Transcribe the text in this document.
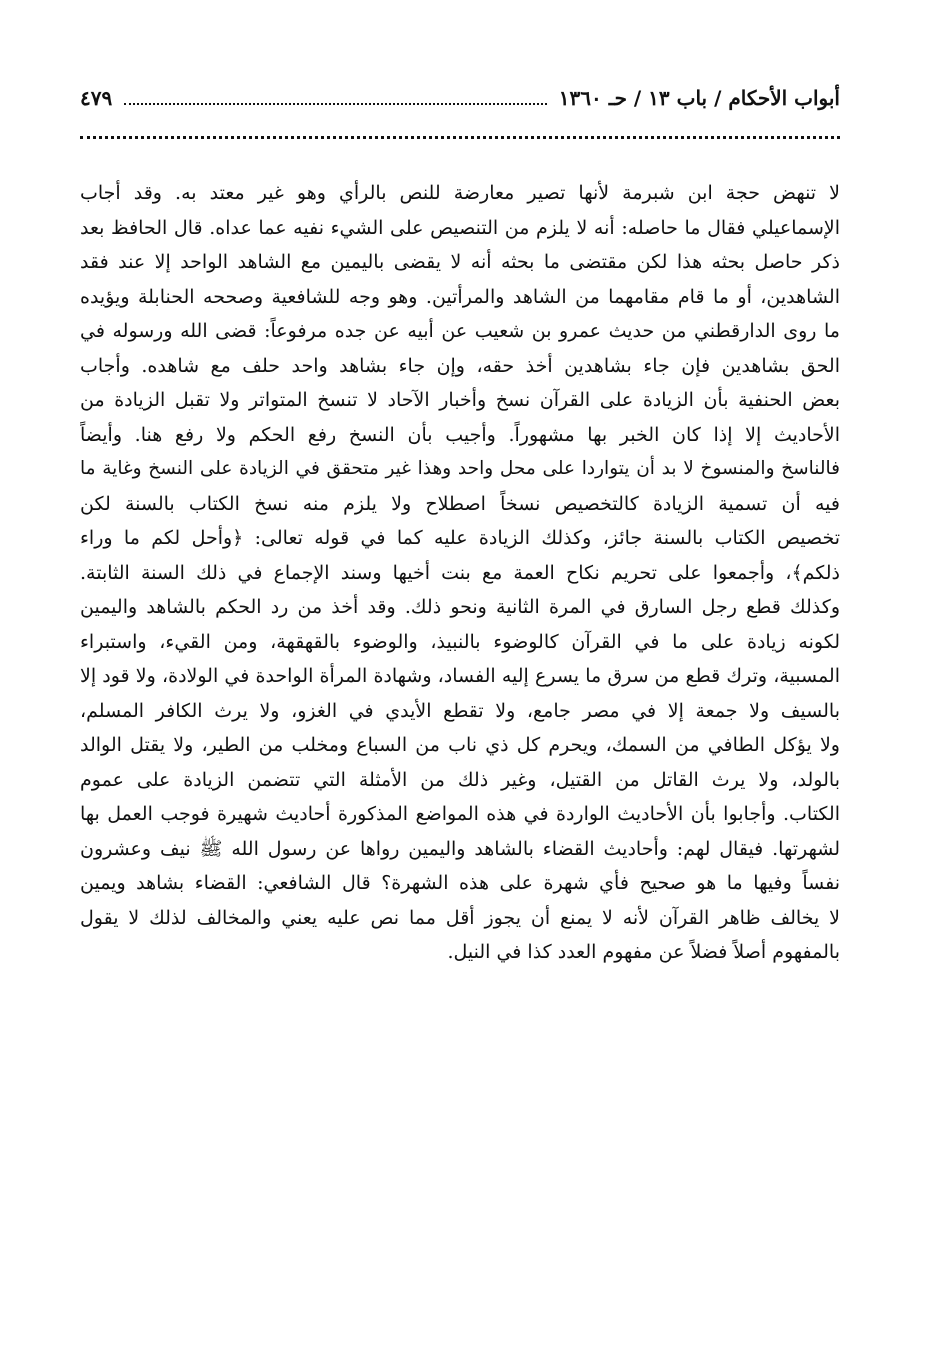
أبواب الأحكام / باب ١٣ / حـ ١٣٦٠
٤٧٩
لا تنهض حجة ابن شبرمة لأنها تصير معارضة للنص بالرأي وهو غير معتد به. وقد أجاب
الإسماعيلي فقال ما حاصله: أنه لا يلزم من التنصيص على الشيء نفيه عما عداه. قال الحافظ بعد
ذكر حاصل بحثه هذا لكن مقتضى ما بحثه أنه لا يقضى باليمين مع الشاهد الواحد إلا عند فقد
الشاهدين، أو ما قام مقامهما من الشاهد والمرأتين. وهو وجه للشافعية وصححه الحنابلة ويؤيده
ما روى الدارقطني من حديث عمرو بن شعيب عن أبيه عن جده مرفوعاً: قضى الله ورسوله في
الحق بشاهدين فإن جاء بشاهدين أخذ حقه، وإن جاء بشاهد واحد حلف مع شاهده. وأجاب
بعض الحنفية بأن الزيادة على القرآن نسخ وأخبار الآحاد لا تنسخ المتواتر ولا تقبل الزيادة من
الأحاديث إلا إذا كان الخبر بها مشهوراً. وأجيب بأن النسخ رفع الحكم ولا رفع هنا. وأيضاً
فالناسخ والمنسوخ لا بد أن يتواردا على محل واحد وهذا غير متحقق في الزيادة على النسخ وغاية ما
فيه أن تسمية الزيادة كالتخصيص نسخاً اصطلاح ولا يلزم منه نسخ الكتاب بالسنة لكن
تخصيص الكتاب بالسنة جائز، وكذلك الزيادة عليه كما في قوله تعالى: ﴿وأحل لكم ما وراء
ذلكم﴾، وأجمعوا على تحريم نكاح العمة مع بنت أخيها وسند الإجماع في ذلك السنة الثابتة.
وكذلك قطع رجل السارق في المرة الثانية ونحو ذلك. وقد أخذ من رد الحكم بالشاهد واليمين
لكونه زيادة على ما في القرآن كالوضوء بالنبيذ، والوضوء بالقهقهة، ومن القيء، واستبراء
المسبية، وترك قطع من سرق ما يسرع إليه الفساد، وشهادة المرأة الواحدة في الولادة، ولا قود إلا
بالسيف ولا جمعة إلا في مصر جامع، ولا تقطع الأيدي في الغزو، ولا يرث الكافر المسلم،
ولا يؤكل الطافي من السمك، ويحرم كل ذي ناب من السباع ومخلب من الطير، ولا يقتل الوالد
بالولد، ولا يرث القاتل من القتيل، وغير ذلك من الأمثلة التي تتضمن الزيادة على عموم
الكتاب. وأجابوا بأن الأحاديث الواردة في هذه المواضع المذكورة أحاديث شهيرة فوجب العمل بها
لشهرتها. فيقال لهم: وأحاديث القضاء بالشاهد واليمين رواها عن رسول الله ﷺ نيف وعشرون
نفساً وفيها ما هو صحيح فأي شهرة على هذه الشهرة؟ قال الشافعي: القضاء بشاهد ويمين
لا يخالف ظاهر القرآن لأنه لا يمنع أن يجوز أقل مما نص عليه يعني والمخالف لذلك لا يقول
بالمفهوم أصلاً فضلاً عن مفهوم العدد كذا في النيل.
